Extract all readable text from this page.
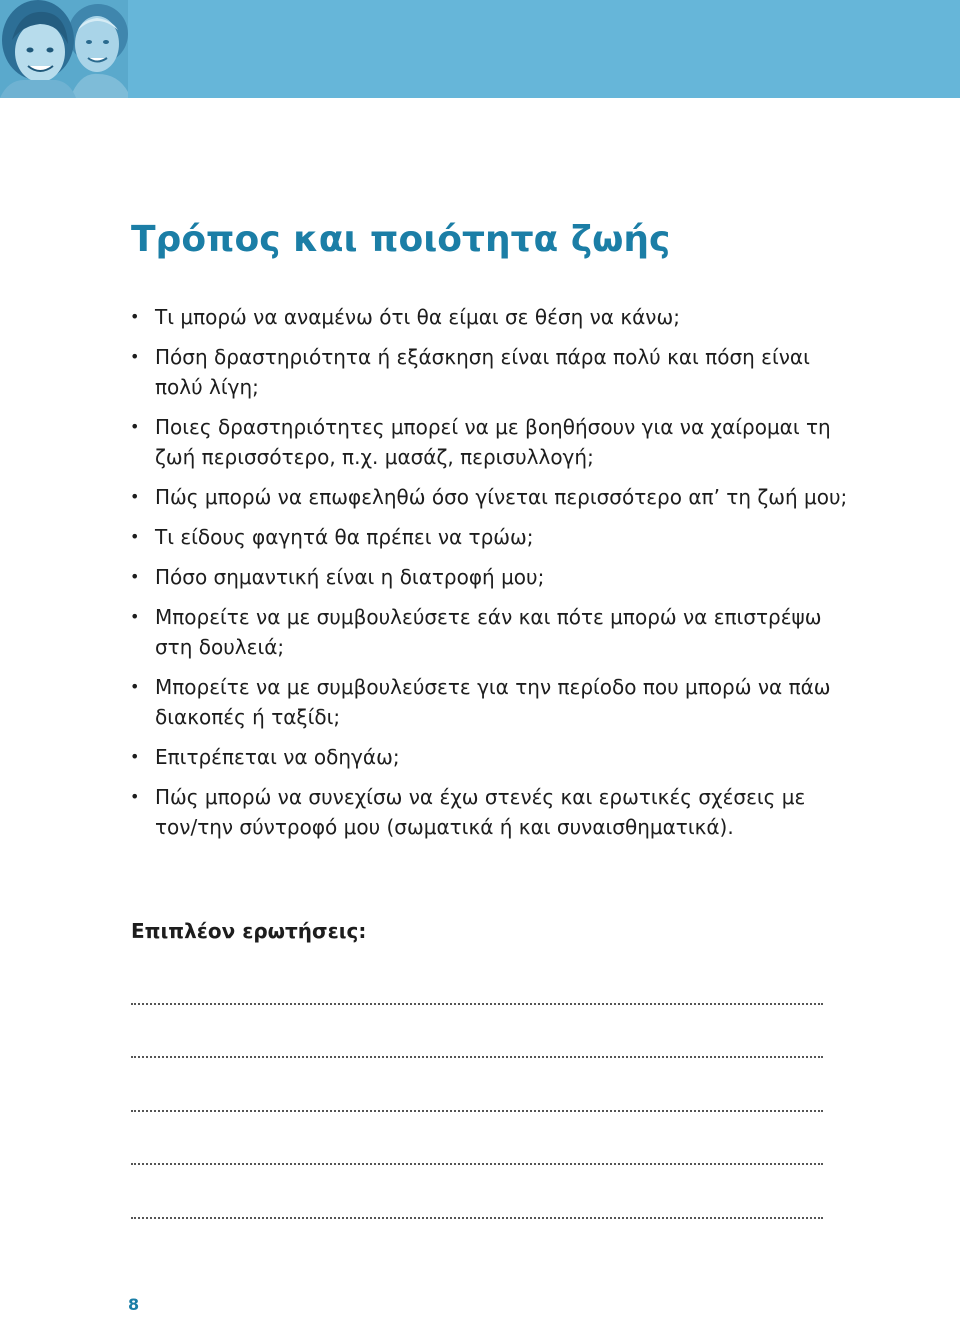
Τρόπος και ποιότητα ζωής
• Τι μπορώ να αναμένω ότι θα είμαι σε θέση να κάνω;
• Πόση δραστηριότητα ή εξάσκηση είναι πάρα πολύ και πόση είναι πολύ λίγη;
• Ποιες δραστηριότητες μπορεί να με βοηθήσουν για να χαίρομαι τη ζωή περισσότερο, π.χ. μασάζ, περισυλλογή;
• Πώς μπορώ να επωφεληθώ όσο γίνεται περισσότερο απ’ τη ζωή μου;
• Τι είδους φαγητά θα πρέπει να τρώω;
• Πόσο σημαντική είναι η διατροφή μου;
• Μπορείτε να με συμβουλεύσετε εάν και πότε μπορώ να επιστρέψω στη δουλειά;
• Μπορείτε να με συμβουλεύσετε για την περίοδο που μπορώ να πάω διακοπές ή ταξίδι;
• Επιτρέπεται να οδηγάω;
• Πώς μπορώ να συνεχίσω να έχω στενές και ερωτικές σχέσεις με τον/την σύντροφό μου (σωματικά ή και συναισθηματικά).
Επιπλέον ερωτήσεις:
8
